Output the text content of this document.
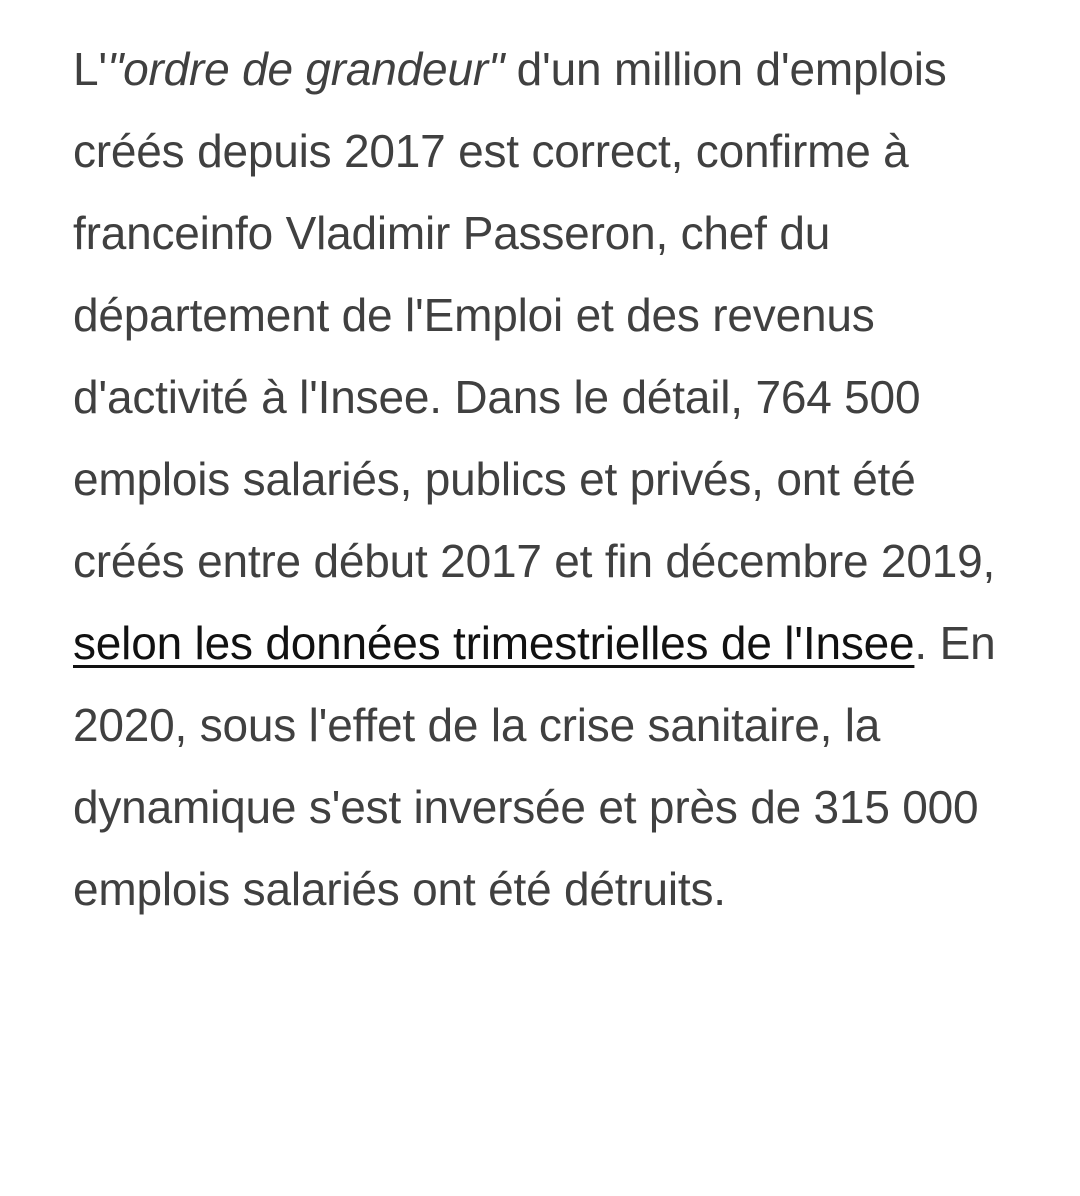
L'"ordre de grandeur" d'un million d'emplois créés depuis 2017 est correct, confirme à franceinfo Vladimir Passeron, chef du département de l'Emploi et des revenus d'activité à l'Insee. Dans le détail, 764 500 emplois salariés, publics et privés, ont été créés entre début 2017 et fin décembre 2019, selon les données trimestrielles de l'Insee. En 2020, sous l'effet de la crise sanitaire, la dynamique s'est inversée et près de 315 000 emplois salariés ont été détruits.
